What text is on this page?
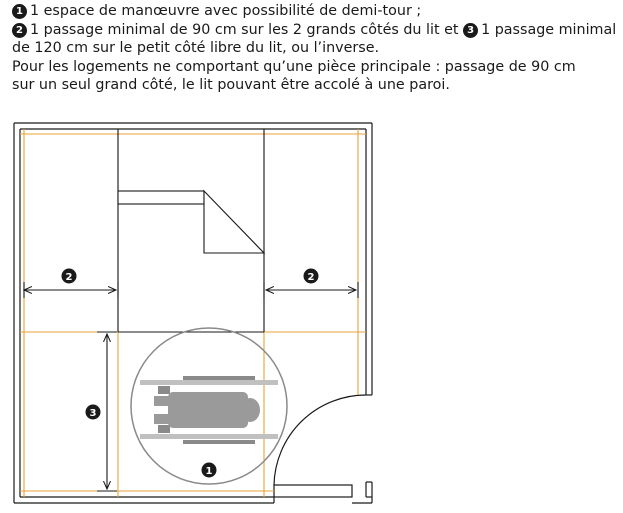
1 1 espace de manœuvre avec possibilité de demi-tour ;
2 1 passage minimal de 90 cm sur les 2 grands côtés du lit et 3 1 passage minimal
de 120 cm sur le petit côté libre du lit, ou l’inverse.
Pour les logements ne comportant qu’une pièce principale : passage de 90 cm
sur un seul grand côté, le lit pouvant être accolé à une paroi.
2	2
3
1
